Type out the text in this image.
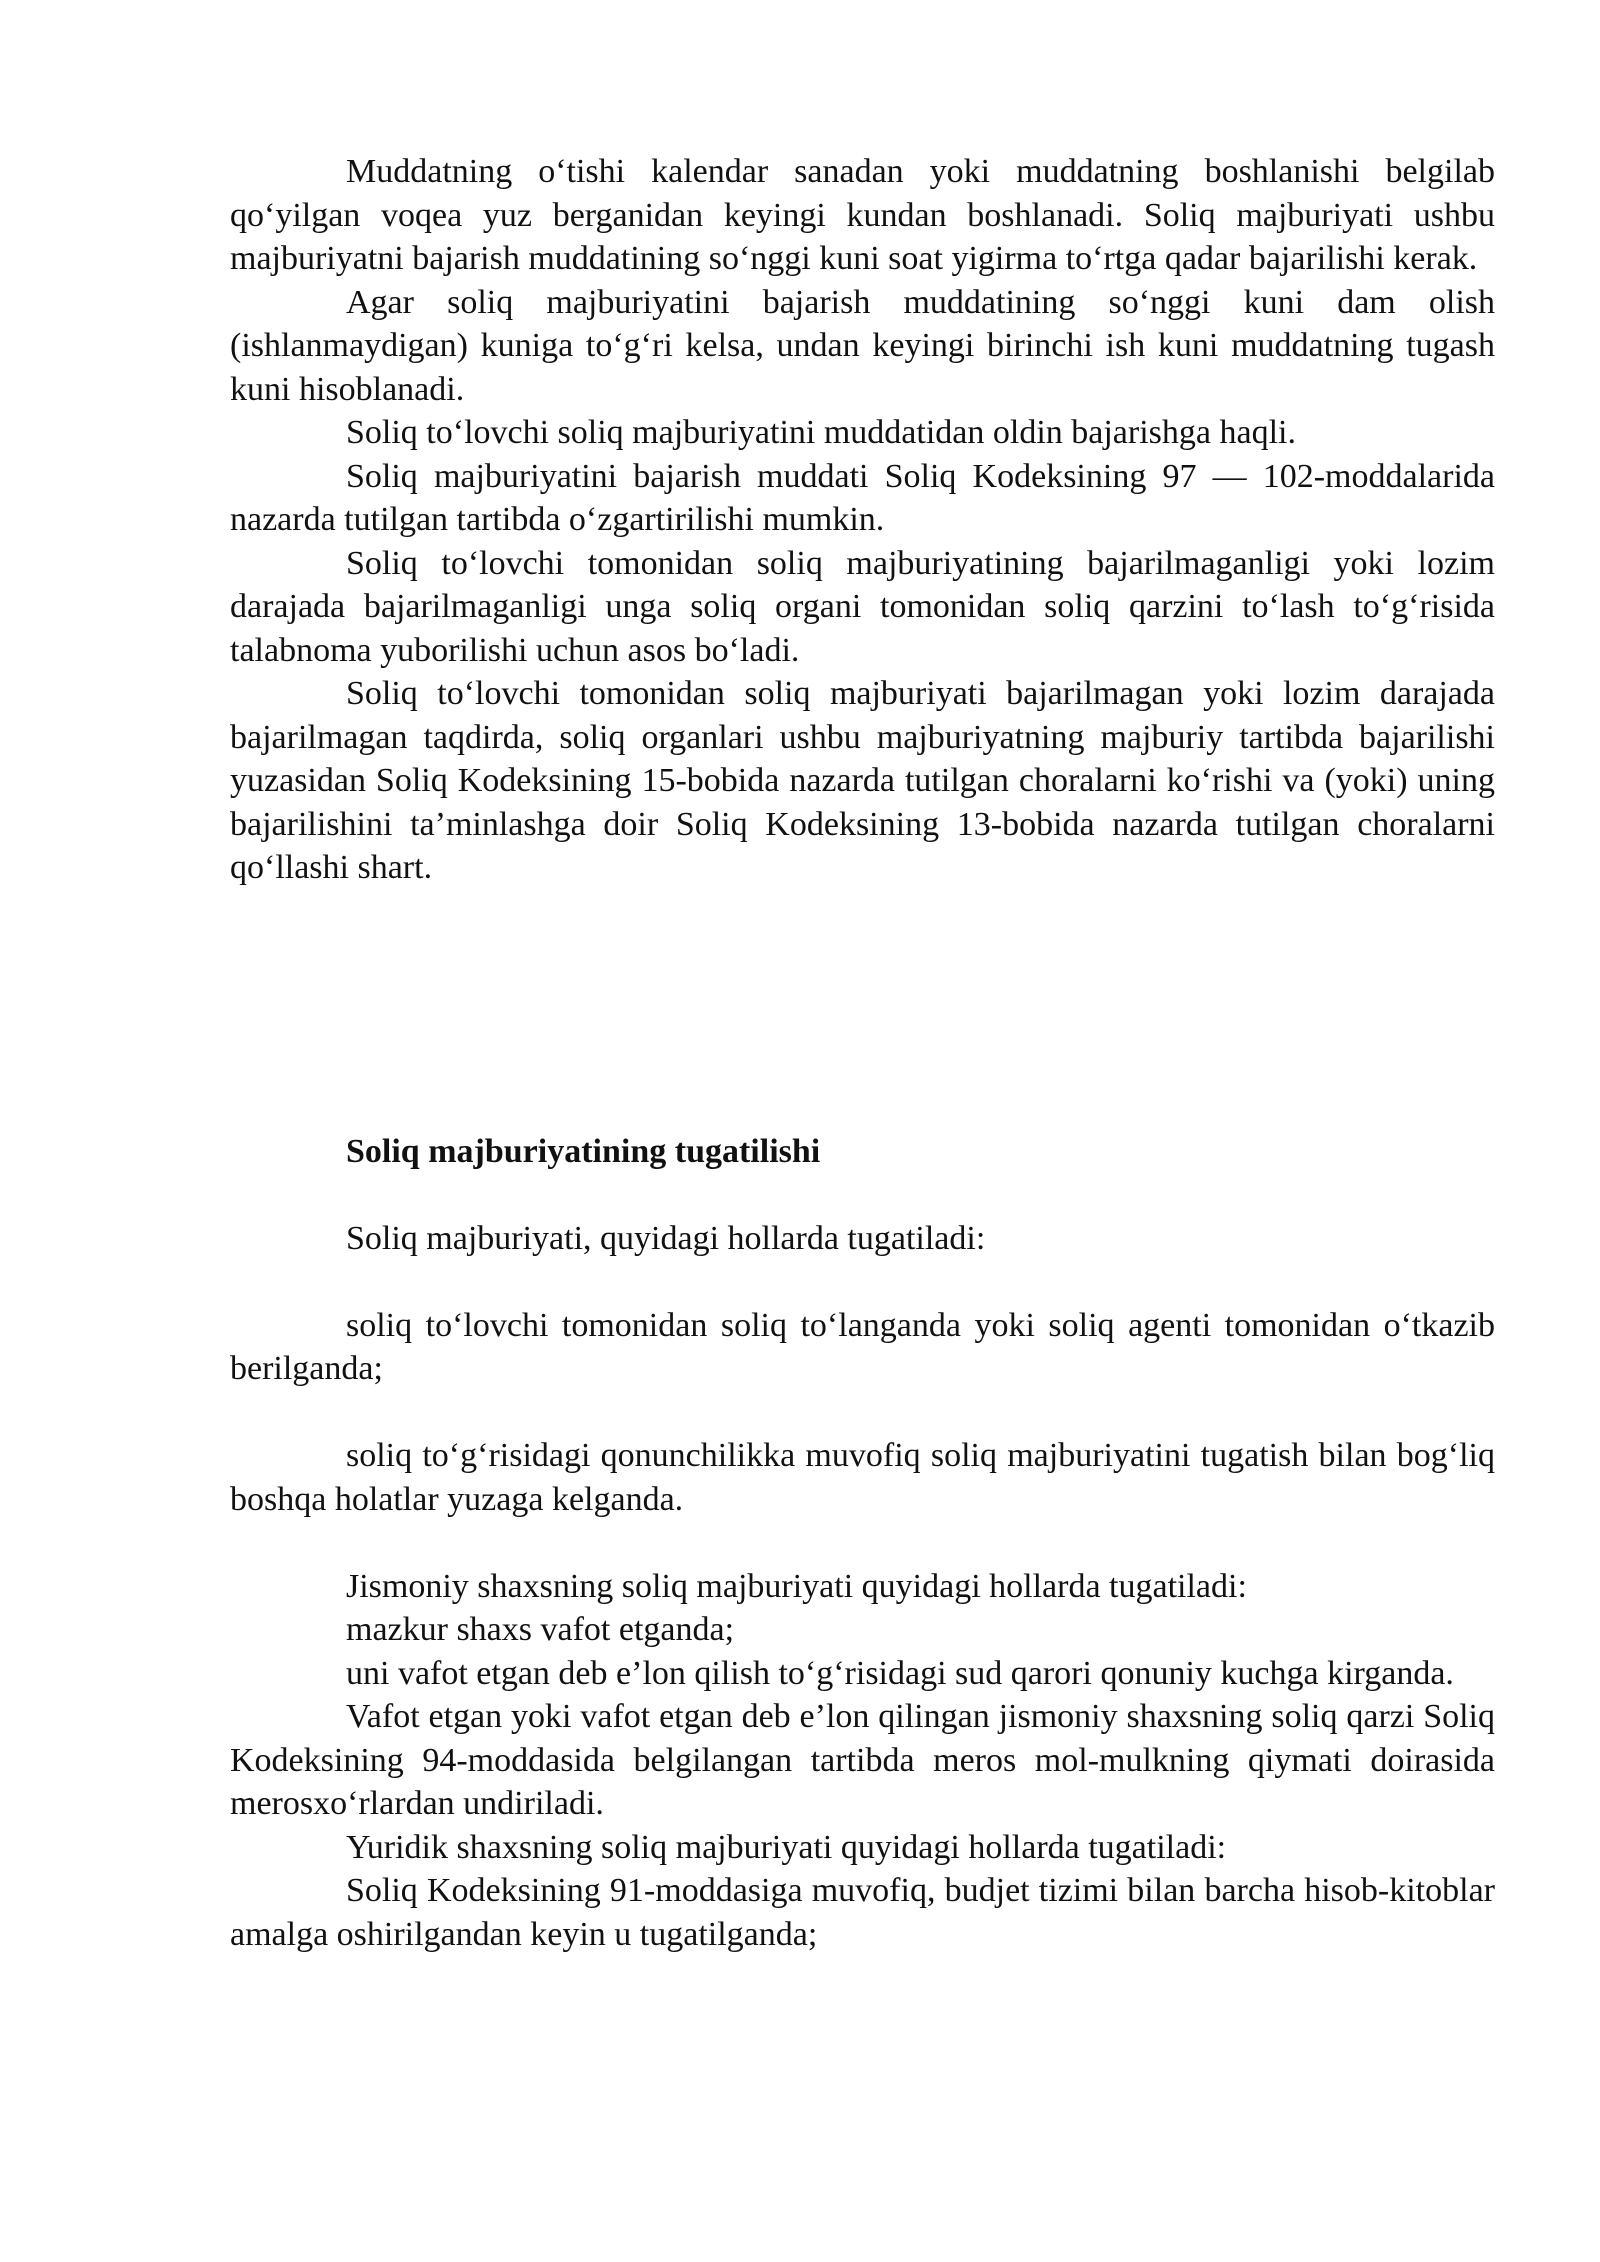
Muddatning o‘tishi kalendar sanadan yoki muddatning boshlanishi belgilab qo‘yilgan voqea yuz berganidan keyingi kundan boshlanadi. Soliq majburiyati ushbu majburiyatni bajarish muddatining so‘nggi kuni soat yigirma to‘rtga qadar bajarilishi kerak.

Agar soliq majburiyatini bajarish muddatining so‘nggi kuni dam olish (ishlanmaydigan) kuniga to‘g‘ri kelsa, undan keyingi birinchi ish kuni muddatning tugash kuni hisoblanadi.

Soliq to‘lovchi soliq majburiyatini muddatidan oldin bajarishga haqli.

Soliq majburiyatini bajarish muddati Soliq Kodeksining 97 — 102-moddalarida nazarda tutilgan tartibda o‘zgartirilishi mumkin.

Soliq to‘lovchi tomonidan soliq majburiyatining bajarilmaganligi yoki lozim darajada bajarilmaganligi unga soliq organi tomonidan soliq qarzini to‘lash to‘g‘risida talabnoma yuborilishi uchun asos bo‘ladi.

Soliq to‘lovchi tomonidan soliq majburiyati bajarilmagan yoki lozim darajada bajarilmagan taqdirda, soliq organlari ushbu majburiyatning majburiy tartibda bajarilishi yuzasidan Soliq Kodeksining 15-bobida nazarda tutilgan choralarni ko‘rishi va (yoki) uning bajarilishini ta’minlashga doir Soliq Kodeksining 13-bobida nazarda tutilgan choralarni qo‘llashi shart.

Soliq majburiyatining tugatilishi

Soliq majburiyati, quyidagi hollarda tugatiladi:

soliq to‘lovchi tomonidan soliq to‘langanda yoki soliq agenti tomonidan o‘tkazib berilganda;

soliq to‘g‘risidagi qonunchilikka muvofiq soliq majburiyatini tugatish bilan bog‘liq boshqa holatlar yuzaga kelganda.

Jismoniy shaxsning soliq majburiyati quyidagi hollarda tugatiladi:

mazkur shaxs vafot etganda;

uni vafot etgan deb e’lon qilish to‘g‘risidagi sud qarori qonuniy kuchga kirganda.

Vafot etgan yoki vafot etgan deb e’lon qilingan jismoniy shaxsning soliq qarzi Soliq Kodeksining 94-moddasida belgilangan tartibda meros mol-mulkning qiymati doirasida merosxo‘rlardan undiriladi.

Yuridik shaxsning soliq majburiyati quyidagi hollarda tugatiladi:

Soliq Kodeksining 91-moddasiga muvofiq, budjet tizimi bilan barcha hisob-kitoblar amalga oshirilgandan keyin u tugatilganda;
